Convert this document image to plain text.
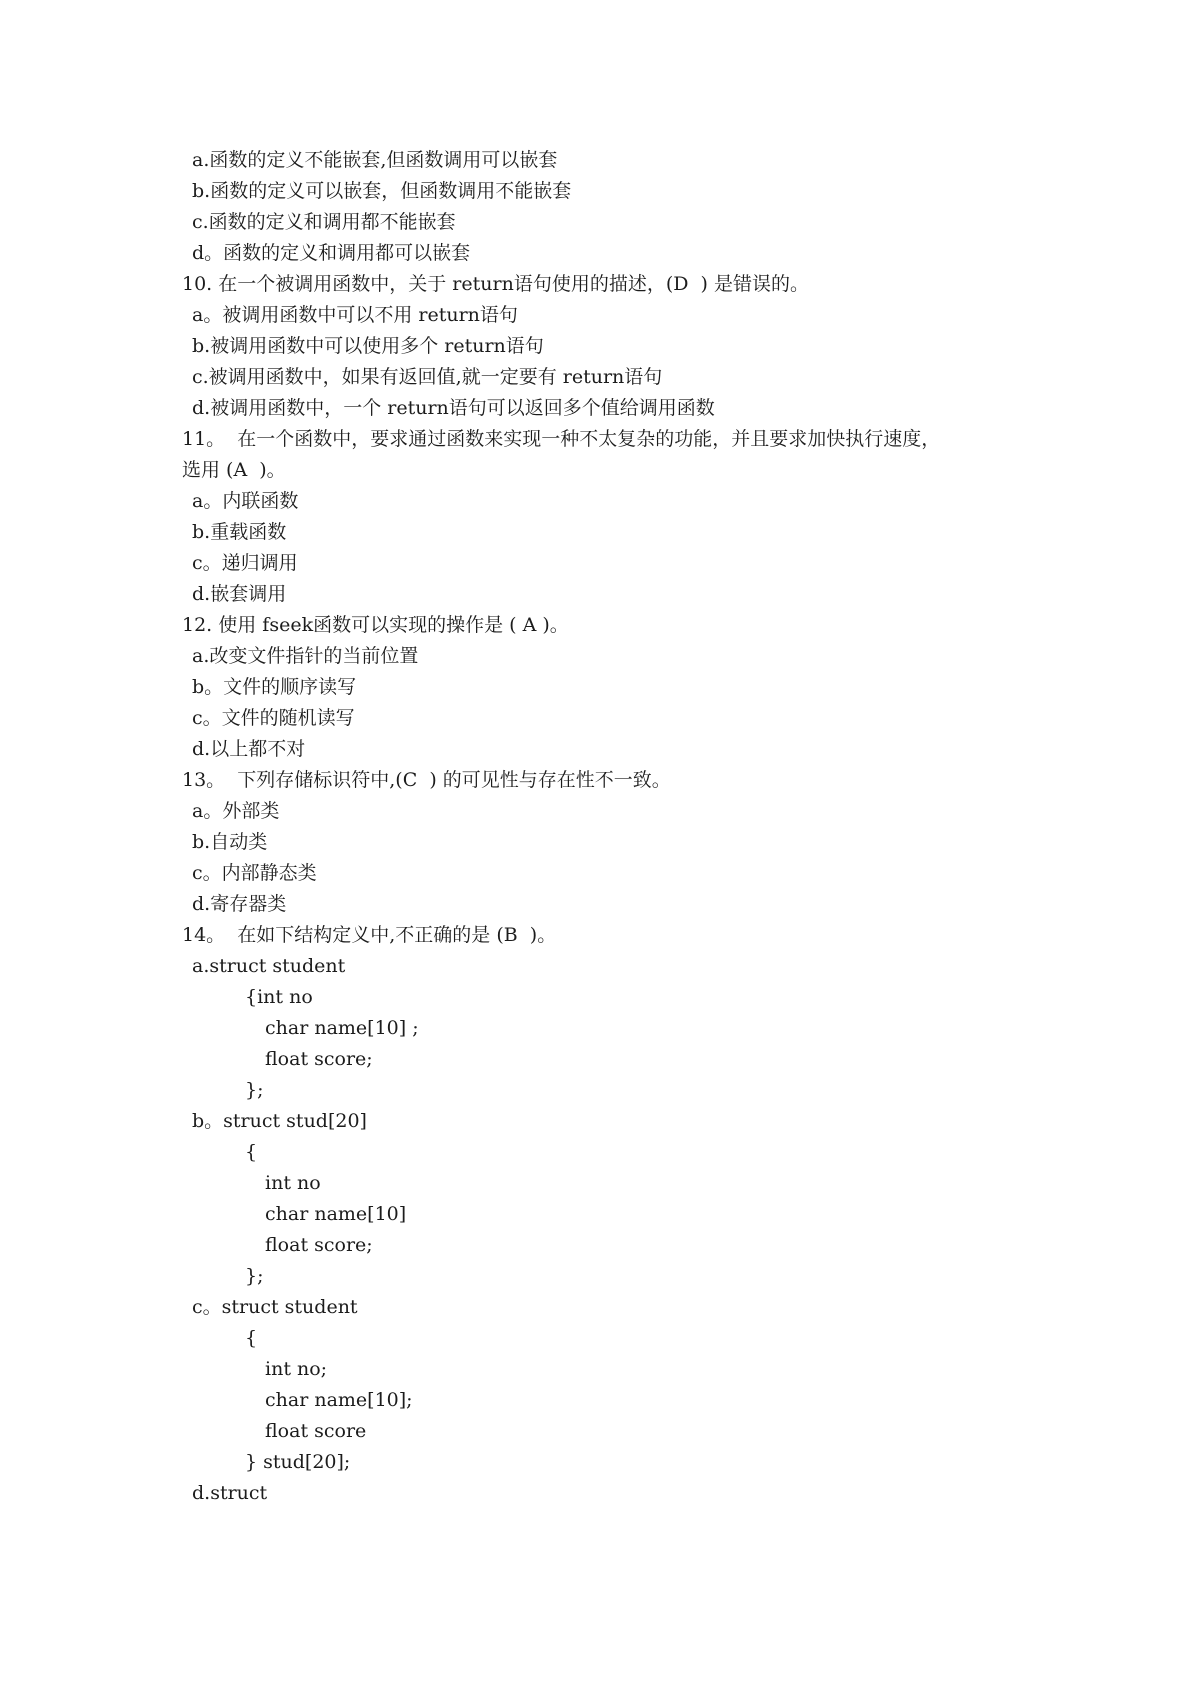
a.函数的定义不能嵌套,但函数调用可以嵌套
b.函数的定义可以嵌套，但函数调用不能嵌套
c.函数的定义和调用都不能嵌套
d。函数的定义和调用都可以嵌套
10. 在一个被调用函数中，关于 return语句使用的描述，(D  ) 是错误的。
a。被调用函数中可以不用 return语句
b.被调用函数中可以使用多个 return语句
c.被调用函数中，如果有返回值,就一定要有 return语句
d.被调用函数中，一个 return语句可以返回多个值给调用函数
11。  在一个函数中，要求通过函数来实现一种不太复杂的功能，并且要求加快执行速度，
选用 (A  )。
a。内联函数
b.重载函数
c。递归调用
d.嵌套调用
12. 使用 fseek函数可以实现的操作是 ( A )。
a.改变文件指针的当前位置
b。文件的顺序读写
c。文件的随机读写
d.以上都不对
13。  下列存储标识符中,(C  ) 的可见性与存在性不一致。
a。外部类
b.自动类
c。内部静态类
d.寄存器类
14。  在如下结构定义中,不正确的是 (B  )。
a.struct student
{int no
char name[10] ;
float score;
};
b。struct stud[20]
{
int no
char name[10]
float score;
};
c。struct student
{
int no;
char name[10];
float score
} stud[20];
d.struct
